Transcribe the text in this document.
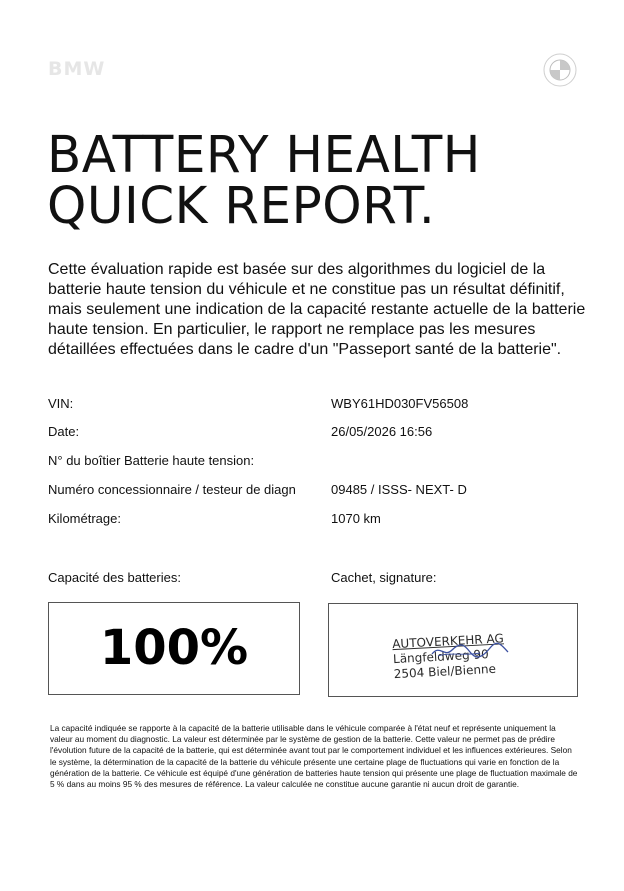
BMW
BATTERY HEALTH
QUICK REPORT.
Cette évaluation rapide est basée sur des algorithmes du logiciel de la batterie haute tension du véhicule et ne constitue pas un résultat définitif, mais seulement une indication de la capacité restante actuelle de la batterie haute tension. En particulier, le rapport ne remplace pas les mesures détaillées effectuées dans le cadre d'un "Passeport santé de la batterie".
VIN:	WBY61HD030FV56508
Date:	26/05/2026 16:56
N° du boîtier Batterie haute tension:
Numéro concessionnaire / testeur de diagn	09485 / ISSS- NEXT- D
Kilométrage:	1070 km
Capacité des batteries:	Cachet, signature:
100%	AUTOVERKEHR AG
Längfeldweg 90
2504 Biel/Bienne
La capacité indiquée se rapporte à la capacité de la batterie utilisable dans le véhicule comparée à l'état neuf et représente uniquement la valeur au moment du diagnostic. La valeur est déterminée par le système de gestion de la batterie. Cette valeur ne permet pas de prédire l'évolution future de la capacité de la batterie, qui est déterminée avant tout par le comportement individuel et les influences extérieures. Selon le système, la détermination de la capacité de la batterie du véhicule présente une certaine plage de fluctuations qui varie en fonction de la génération de la batterie. Ce véhicule est équipé d'une génération de batteries haute tension qui présente une plage de fluctuation maximale de 5 % dans au moins 95 % des mesures de référence. La valeur calculée ne constitue aucune garantie ni aucun droit de garantie.
